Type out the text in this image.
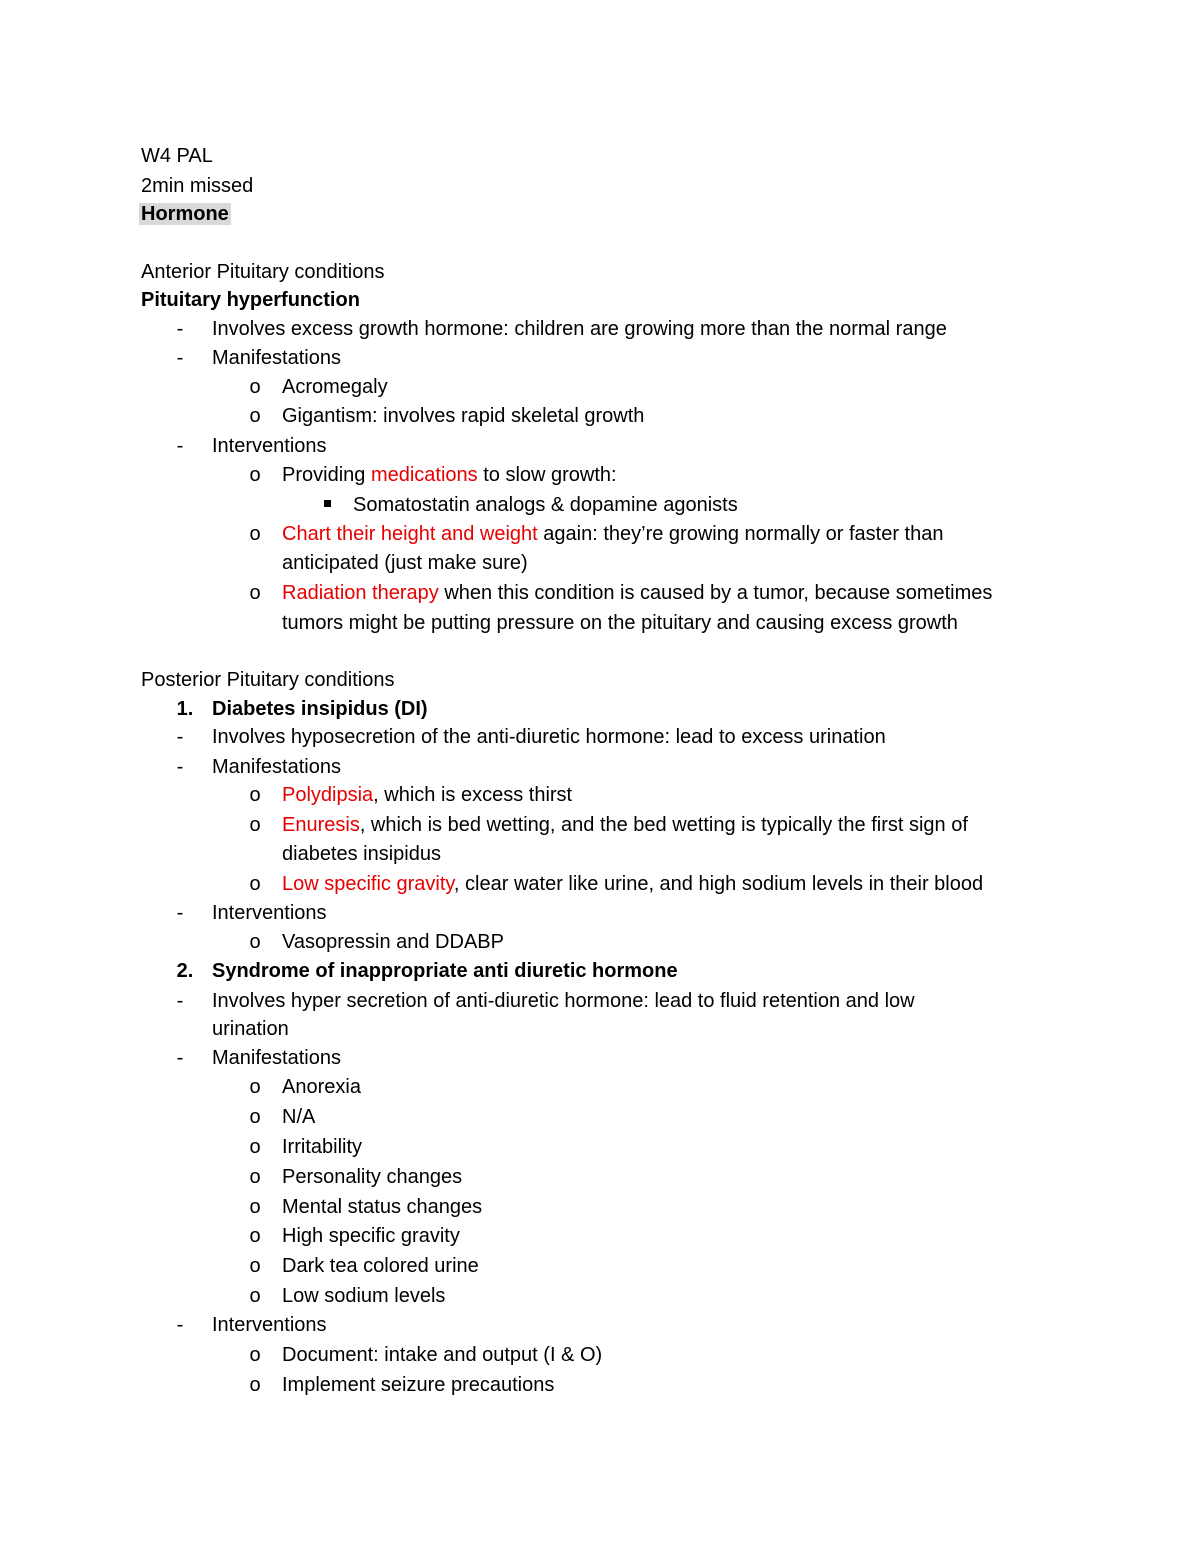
W4 PAL
2min missed
Hormone
Anterior Pituitary conditions
Pituitary hyperfunction
-	Involves excess growth hormone: children are growing more than the normal range
-	Manifestations
o	Acromegaly
o	Gigantism: involves rapid skeletal growth
-	Interventions
o	Providing medications to slow growth:
Somatostatin analogs & dopamine agonists
o	Chart their height and weight again: they’re growing normally or faster than
anticipated (just make sure)
o	Radiation therapy when this condition is caused by a tumor, because sometimes
tumors might be putting pressure on the pituitary and causing excess growth
Posterior Pituitary conditions
1. Diabetes insipidus (DI)
-	Involves hyposecretion of the anti-diuretic hormone: lead to excess urination
-	Manifestations
o	Polydipsia, which is excess thirst
o	Enuresis, which is bed wetting, and the bed wetting is typically the first sign of
diabetes insipidus
o	Low specific gravity, clear water like urine, and high sodium levels in their blood
-	Interventions
o	Vasopressin and DDABP
2. Syndrome of inappropriate anti diuretic hormone
-	Involves hyper secretion of anti-diuretic hormone: lead to fluid retention and low
urination
-	Manifestations
o	Anorexia
o	N/A
o	Irritability
o	Personality changes
o	Mental status changes
o	High specific gravity
o	Dark tea colored urine
o	Low sodium levels
-	Interventions
o	Document: intake and output (I & O)
o	Implement seizure precautions
